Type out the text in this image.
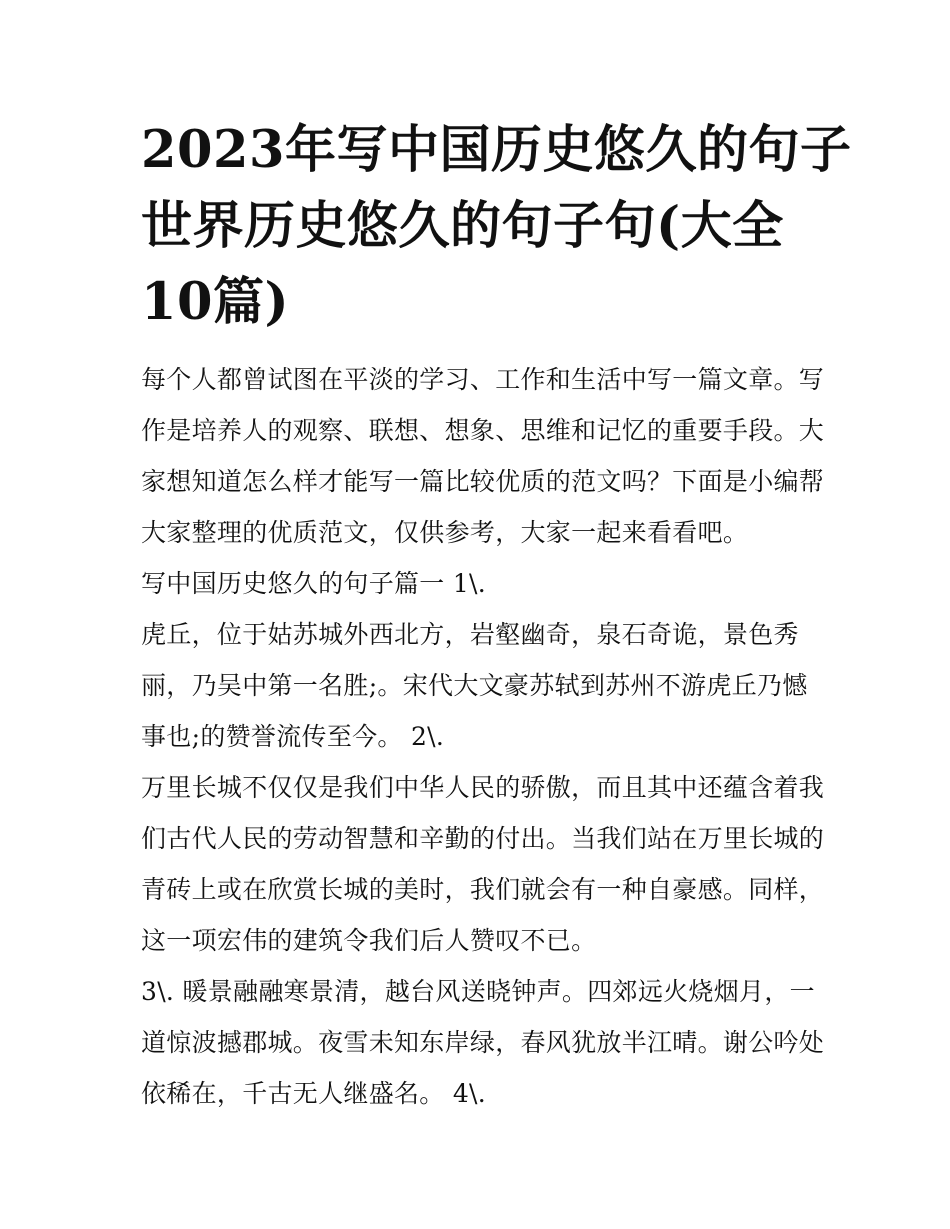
2023年写中国历史悠久的句子
世界历史悠久的句子句(大全
10篇)

每个人都曾试图在平淡的学习、工作和生活中写一篇文章。写
作是培养人的观察、联想、想象、思维和记忆的重要手段。大
家想知道怎么样才能写一篇比较优质的范文吗？下面是小编帮
大家整理的优质范文，仅供参考，大家一起来看看吧。

写中国历史悠久的句子篇一 1\.

虎丘，位于姑苏城外西北方，岩壑幽奇，泉石奇诡，景色秀
丽，乃吴中第一名胜;。宋代大文豪苏轼到苏州不游虎丘乃憾
事也;的赞誉流传至今。 2\.

万里长城不仅仅是我们中华人民的骄傲，而且其中还蕴含着我
们古代人民的劳动智慧和辛勤的付出。当我们站在万里长城的
青砖上或在欣赏长城的美时，我们就会有一种自豪感。同样，
这一项宏伟的建筑令我们后人赞叹不已。

3\. 暖景融融寒景清，越台风送晓钟声。四郊远火烧烟月，一
道惊波撼郡城。夜雪未知东岸绿，春风犹放半江晴。谢公吟处
依稀在，千古无人继盛名。 4\.
